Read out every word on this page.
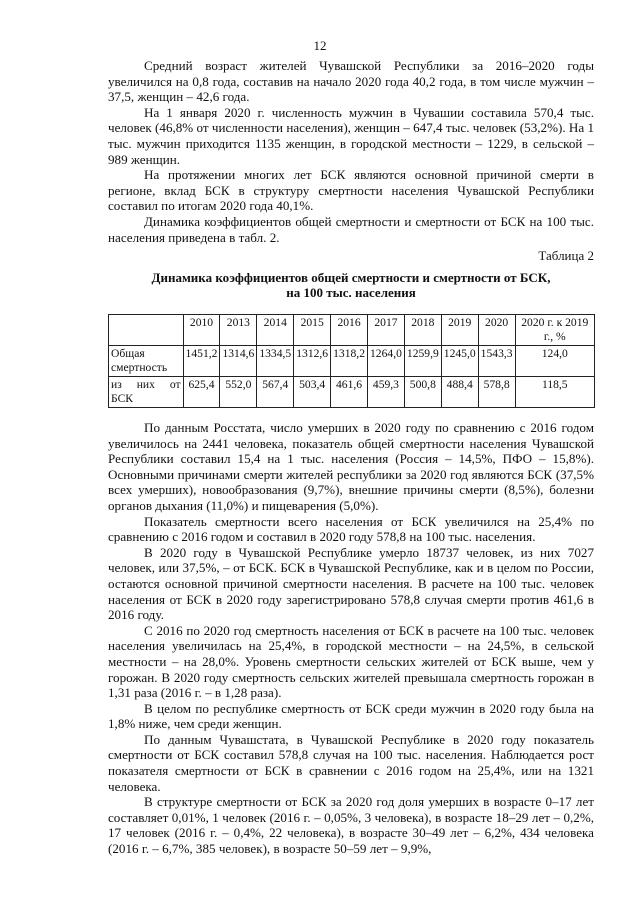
12

Средний возраст жителей Чувашской Республики за 2016–2020 годы увеличился на 0,8 года, составив на начало 2020 года 40,2 года, в том числе мужчин – 37,5, женщин – 42,6 года.

На 1 января 2020 г. численность мужчин в Чувашии составила 570,4 тыс. человек (46,8% от численности населения), женщин – 647,4 тыс. человек (53,2%). На 1 тыс. мужчин приходится 1135 женщин, в городской местности – 1229, в сельской – 989 женщин.

На протяжении многих лет БСК являются основной причиной смерти в регионе, вклад БСК в структуру смертности населения Чувашской Республики составил по итогам 2020 года 40,1%.

Динамика коэффициентов общей смертности и смертности от БСК на 100 тыс. населения приведена в табл. 2.

Таблица 2
Динамика коэффициентов общей смертности и смертности от БСК,
на 100 тыс. населения
	2010	2013	2014	2015	2016	2017	2018	2019	2020	2020 г. к 2019 г., %
Общая смертность	1451,2	1314,6	1334,5	1312,6	1318,2	1264,0	1259,9	1245,0	1543,3	124,0
из них от БСК	625,4	552,0	567,4	503,4	461,6	459,3	500,8	488,4	578,8	118,5

По данным Росстата, число умерших в 2020 году по сравнению с 2016 годом увеличилось на 2441 человека, показатель общей смертности населения Чувашской Республики составил 15,4 на 1 тыс. населения (Россия – 14,5%, ПФО – 15,8%). Основными причинами смерти жителей республики за 2020 год являются БСК (37,5% всех умерших), новообразования (9,7%), внешние причины смерти (8,5%), болезни органов дыхания (11,0%) и пищеварения (5,0%).

Показатель смертности всего населения от БСК увеличился на 25,4% по сравнению с 2016 годом и составил в 2020 году 578,8 на 100 тыс. населения.

В 2020 году в Чувашской Республике умерло 18737 человек, из них 7027 человек, или 37,5%, – от БСК. БСК в Чувашской Республике, как и в целом по России, остаются основной причиной смертности населения. В расчете на 100 тыс. человек населения от БСК в 2020 году зарегистрировано 578,8 случая смерти против 461,6 в 2016 году.

С 2016 по 2020 год смертность населения от БСК в расчете на 100 тыс. человек населения увеличилась на 25,4%, в городской местности – на 24,5%, в сельской местности – на 28,0%. Уровень смертности сельских жителей от БСК выше, чем у горожан. В 2020 году смертность сельских жителей превышала смертность горожан в 1,31 раза (2016 г. – в 1,28 раза).

В целом по республике смертность от БСК среди мужчин в 2020 году была на 1,8% ниже, чем среди женщин.

По данным Чувашстата, в Чувашской Республике в 2020 году показатель смертности от БСК составил 578,8 случая на 100 тыс. населения. Наблюдается рост показателя смертности от БСК в сравнении с 2016 годом на 25,4%, или на 1321 человека.

В структуре смертности от БСК за 2020 год доля умерших в возрасте 0–17 лет составляет 0,01%, 1 человек (2016 г. – 0,05%, 3 человека), в возрасте 18–29 лет – 0,2%, 17 человек (2016 г. – 0,4%, 22 человека), в возрасте 30–49 лет – 6,2%, 434 человека (2016 г. – 6,7%, 385 человек), в возрасте 50–59 лет – 9,9%,
